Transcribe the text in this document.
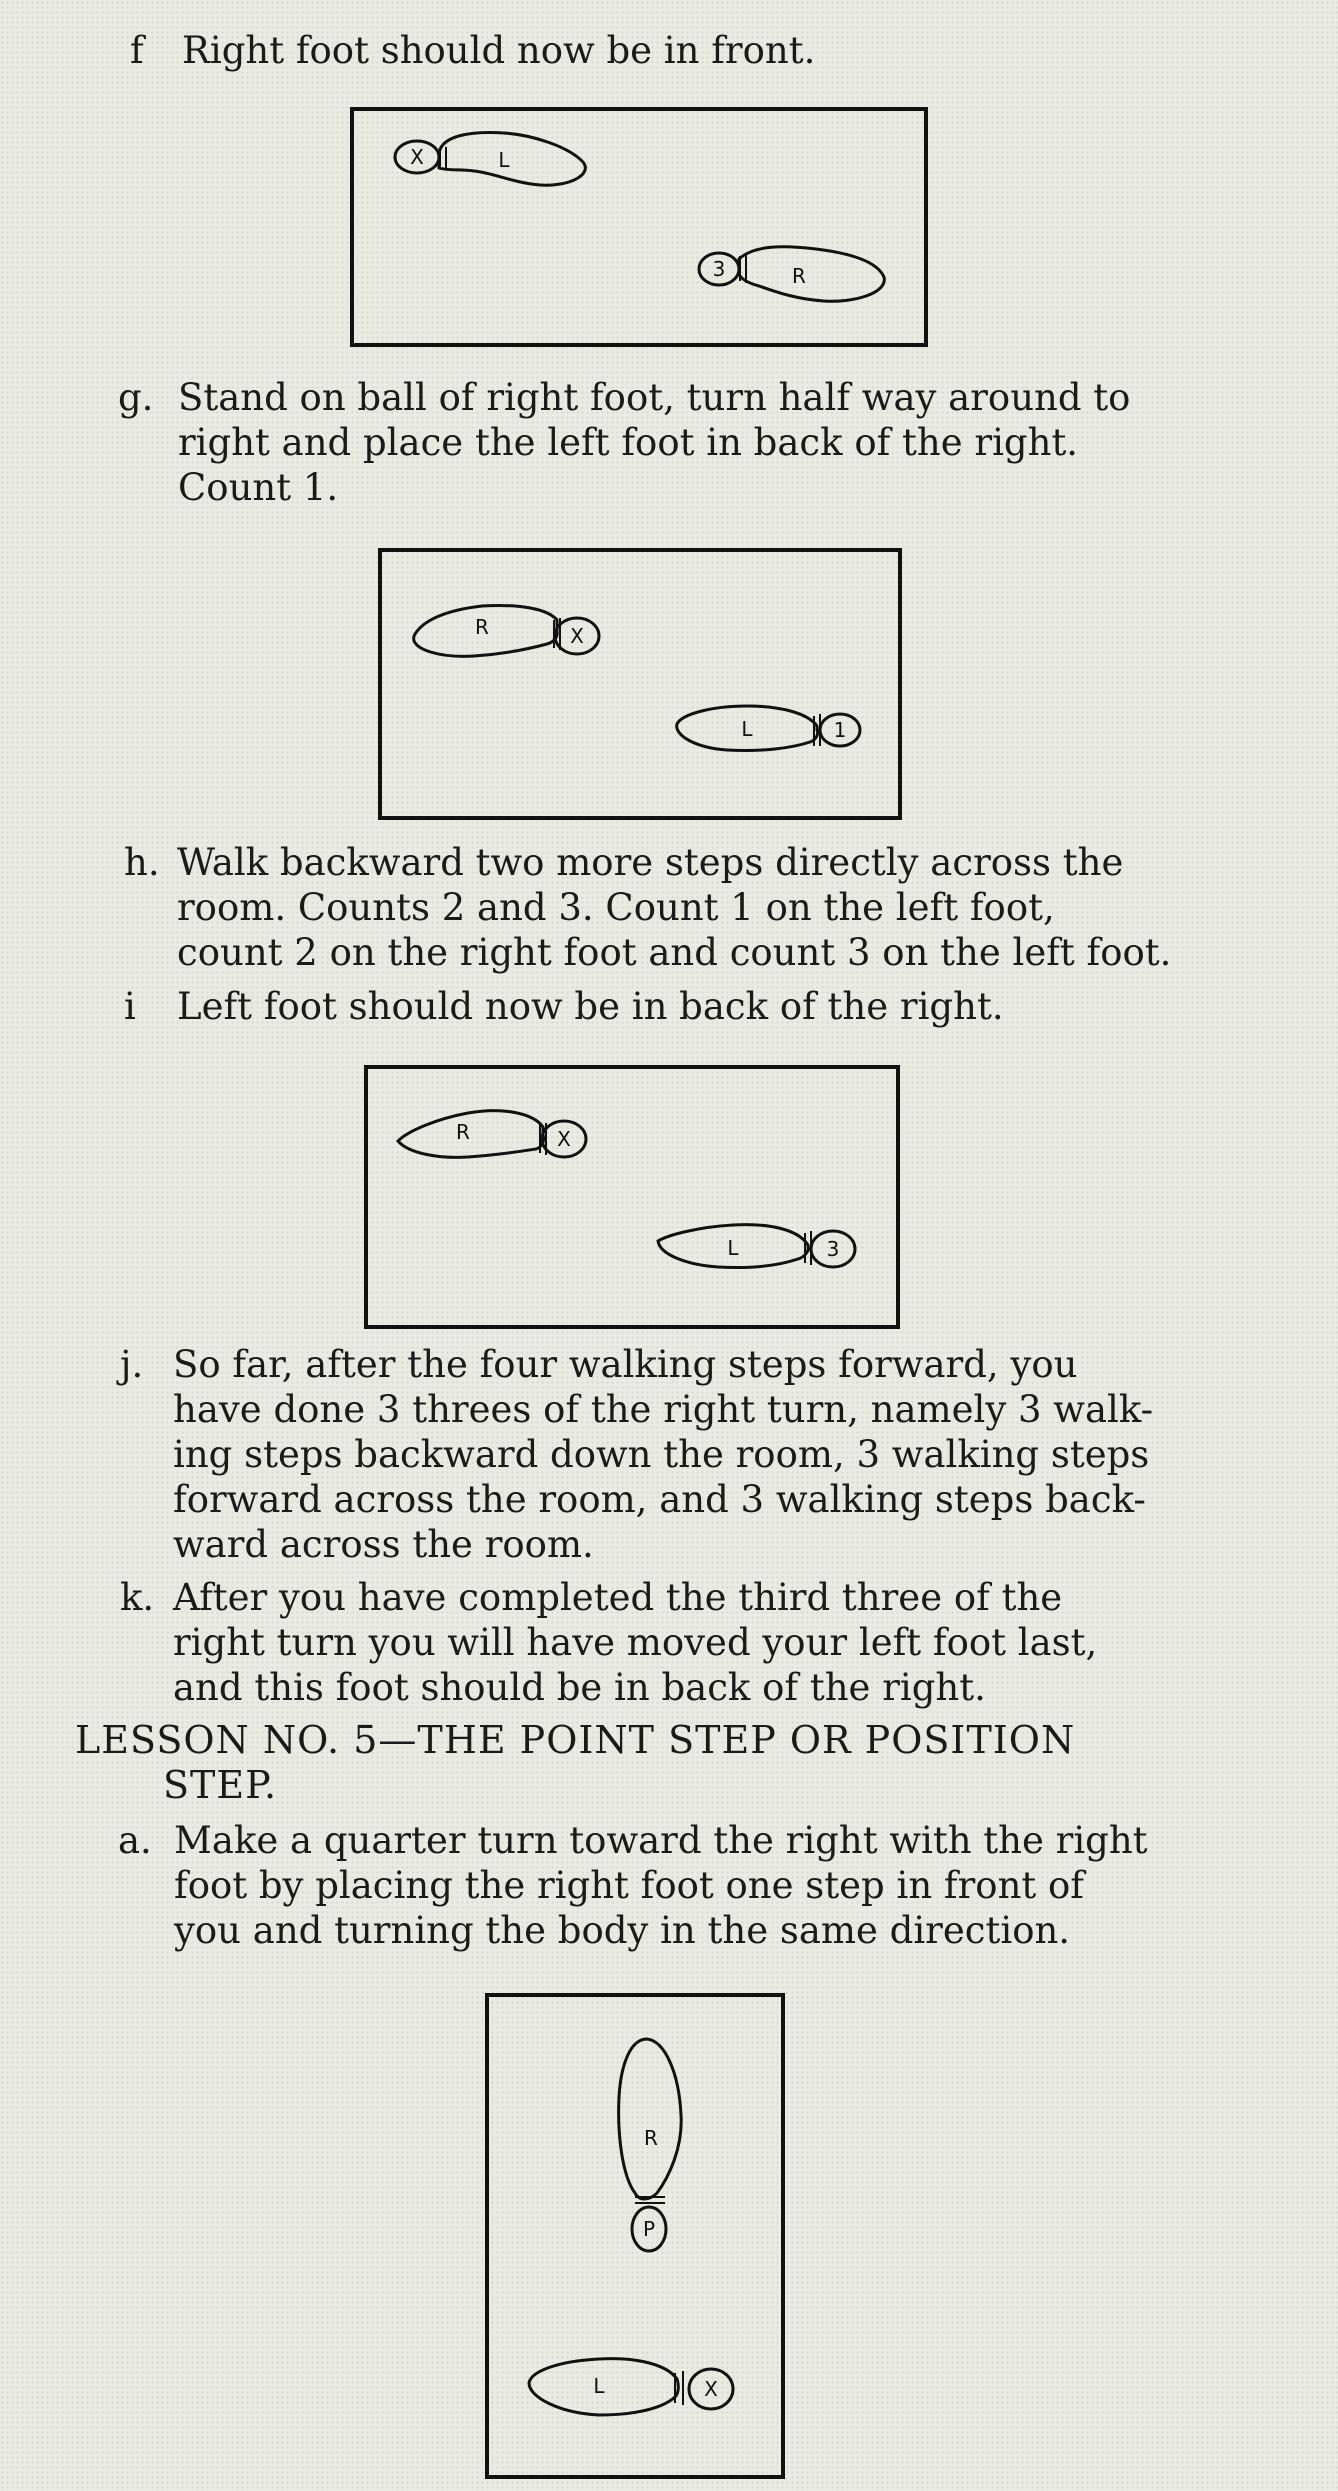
f	Right foot should now be in front.
L
X
R
3
g. Stand on ball of right foot, turn half way around to
right and place the left foot in back of the right.
Count 1.
R	X
L	1
h. Walk backward two more steps directly across the
room. Counts 2 and 3. Count 1 on the left foot,
count 2 on the right foot and count 3 on the left foot.
i	Left foot should now be in back of the right.
R	X
L	3
j. So far, after the four walking steps forward, you
have done 3 threes of the right turn, namely 3 walk-
ing steps backward down the room, 3 walking steps
forward across the room, and 3 walking steps back-
ward across the room.
k. After you have completed the third three of the
right turn you will have moved your left foot last,
and this foot should be in back of the right.
LESSON NO. 5—THE POINT STEP OR POSITION
STEP.
a. Make a quarter turn toward the right with the right
foot by placing the right foot one step in front of
you and turning the body in the same direction.
R
P
L	X
